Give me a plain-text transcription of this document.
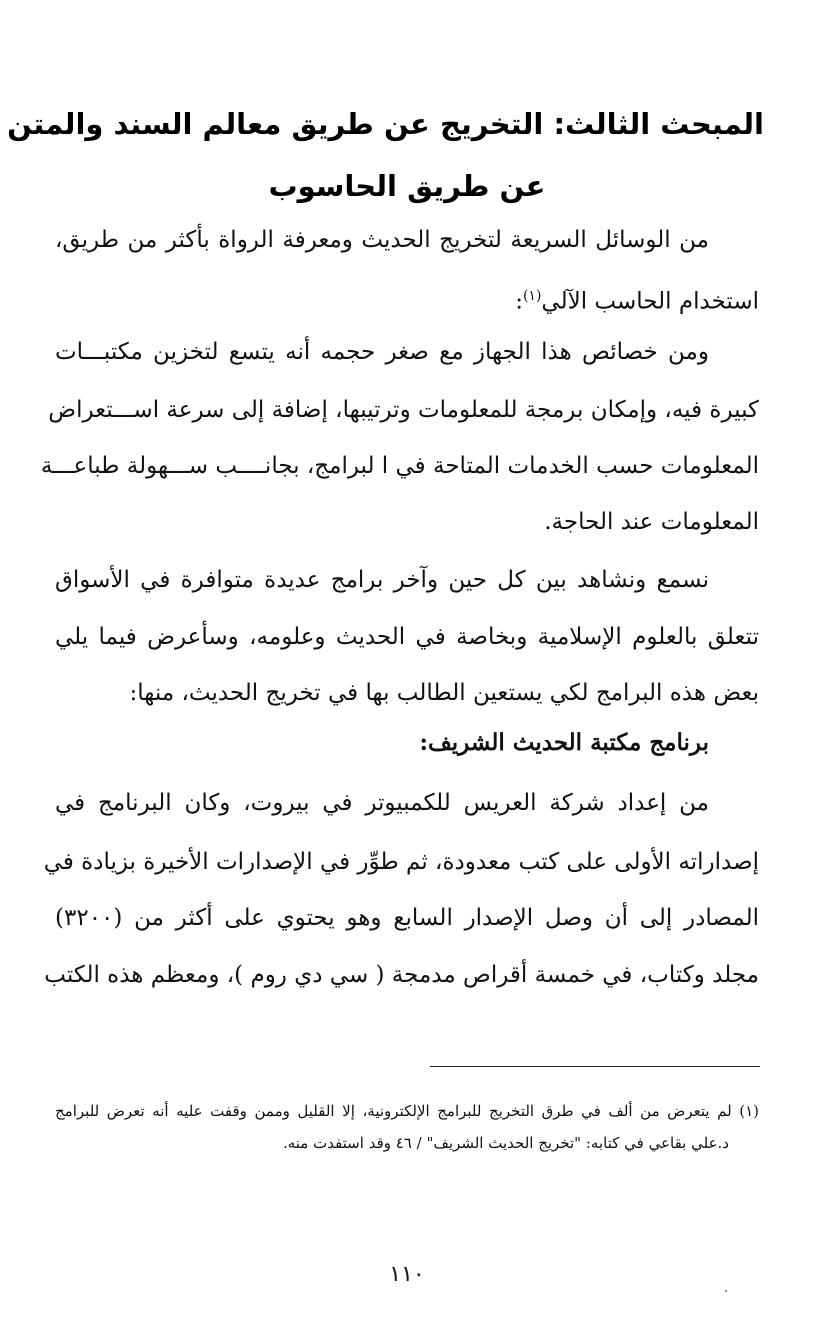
المبحث الثالث: التخريج عن طريق معالم السند والمتن
عن طريق الحاسوب
من الوسائل السريعة لتخريج الحديث ومعرفة الرواة بأكثر من طريق،
استخدام الحاسب الآلي$^{(١)}$:
ومن خصائص هذا الجهاز مع صغر حجمه أنه يتسع لتخزين مكتبـــات
كبيرة فيه، وإمكان برمجة للمعلومات وترتيبها، إضافة إلى سرعة اســـتعراض
المعلومات حسب الخدمات المتاحة في ا لبرامج، بجانــــب ســـهولة طباعـــة
المعلومات عند الحاجة.
نسمع ونشاهد بين كل حين وآخر برامج عديدة متوافرة في الأسواق
تتعلق بالعلوم الإسلامية وبخاصة في الحديث وعلومه، وسأعرض فيما يلي
بعض هذه البرامج لكي يستعين الطالب بها في تخريج الحديث، منها:
برنامج مكتبة الحديث الشريف:
من إعداد شركة العريس للكمبيوتر في بيروت، وكان البرنامج في
إصداراته الأولى على كتب معدودة، ثم طوِّر في الإصدارات الأخيرة بزيادة في
المصادر إلى أن وصل الإصدار السابع وهو يحتوي على أكثر من (٣٢٠٠)
مجلد وكتاب، في خمسة أقراص مدمجة ( سي دي روم )، ومعظم هذه الكتب
(١) لم يتعرض من ألف في طرق التخريج للبرامج الإلكترونية، إلا القليل وممن وقفت عليه أنه تعرض للبرامج
د.علي بقاعي في كتابه: "تخريج الحديث الشريف" / ٤٦ وقد استفدت منه.
١١٠
